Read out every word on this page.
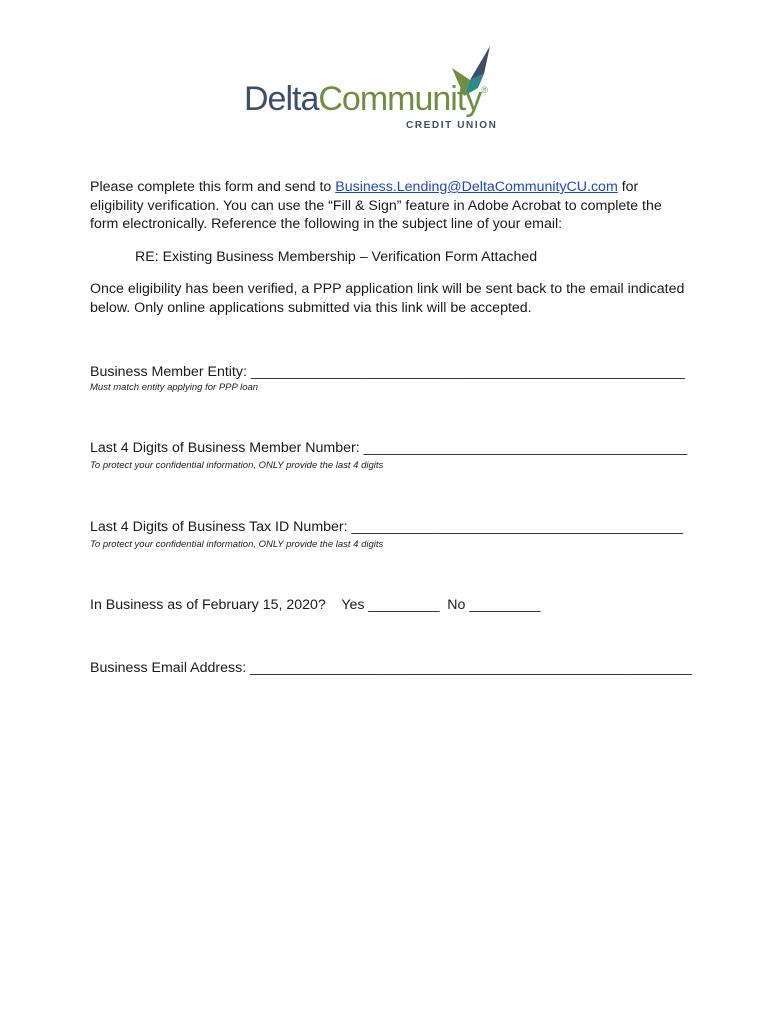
DeltaCommunity®
CREDIT UNION
Please complete this form and send to Business.Lending@DeltaCommunityCU.com for eligibility verification. You can use the “Fill & Sign” feature in Adobe Acrobat to complete the form electronically. Reference the following in the subject line of your email:
RE: Existing Business Membership – Verification Form Attached
Once eligibility has been verified, a PPP application link will be sent back to the email indicated below. Only online applications submitted via this link will be accepted.
Business Member Entity: _______________________________________________________
Must match entity applying for PPP loan
Last 4 Digits of Business Member Number: _________________________________________
To protect your confidential information, ONLY provide the last 4 digits
Last 4 Digits of Business Tax ID Number: __________________________________________
To protect your confidential information, ONLY provide the last 4 digits
In Business as of February 15, 2020?    Yes _________  No _________
Business Email Address: ________________________________________________________
